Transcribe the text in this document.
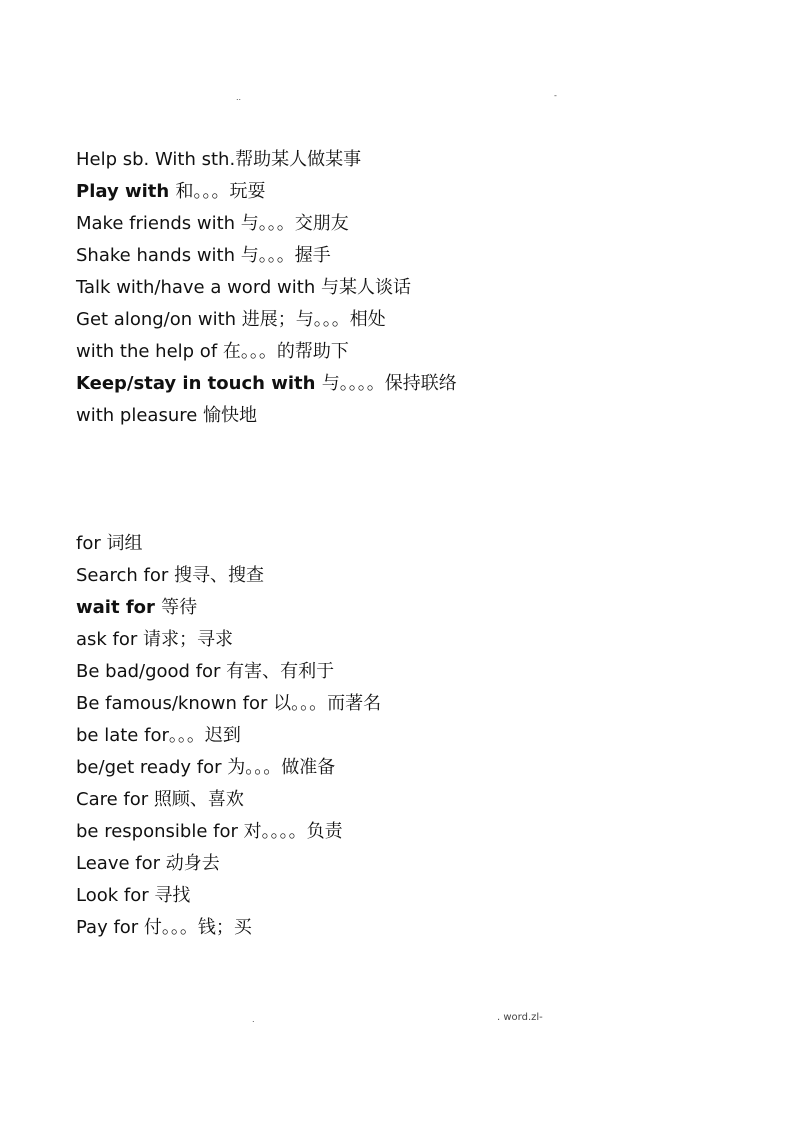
..	-
Help sb. With sth.帮助某人做某事
Play with 和。。。玩耍
Make friends with 与。。。交朋友
Shake hands with 与。。。握手
Talk with/have a word with 与某人谈话
Get along/on with 进展；与。。。相处
with the help of 在。。。的帮助下
Keep/stay in touch with 与。。。。保持联络
with pleasure 愉快地
for 词组
Search for 搜寻、搜查
wait for 等待
ask for 请求；寻求
Be bad/good for 有害、有利于
Be famous/known for 以。。。而著名
be late for。。。迟到
be/get ready for 为。。。做准备
Care for 照顾、喜欢
be responsible for 对。。。。负责
Leave for 动身去
Look for 寻找
Pay for 付。。。钱；买
.	. word.zl-
